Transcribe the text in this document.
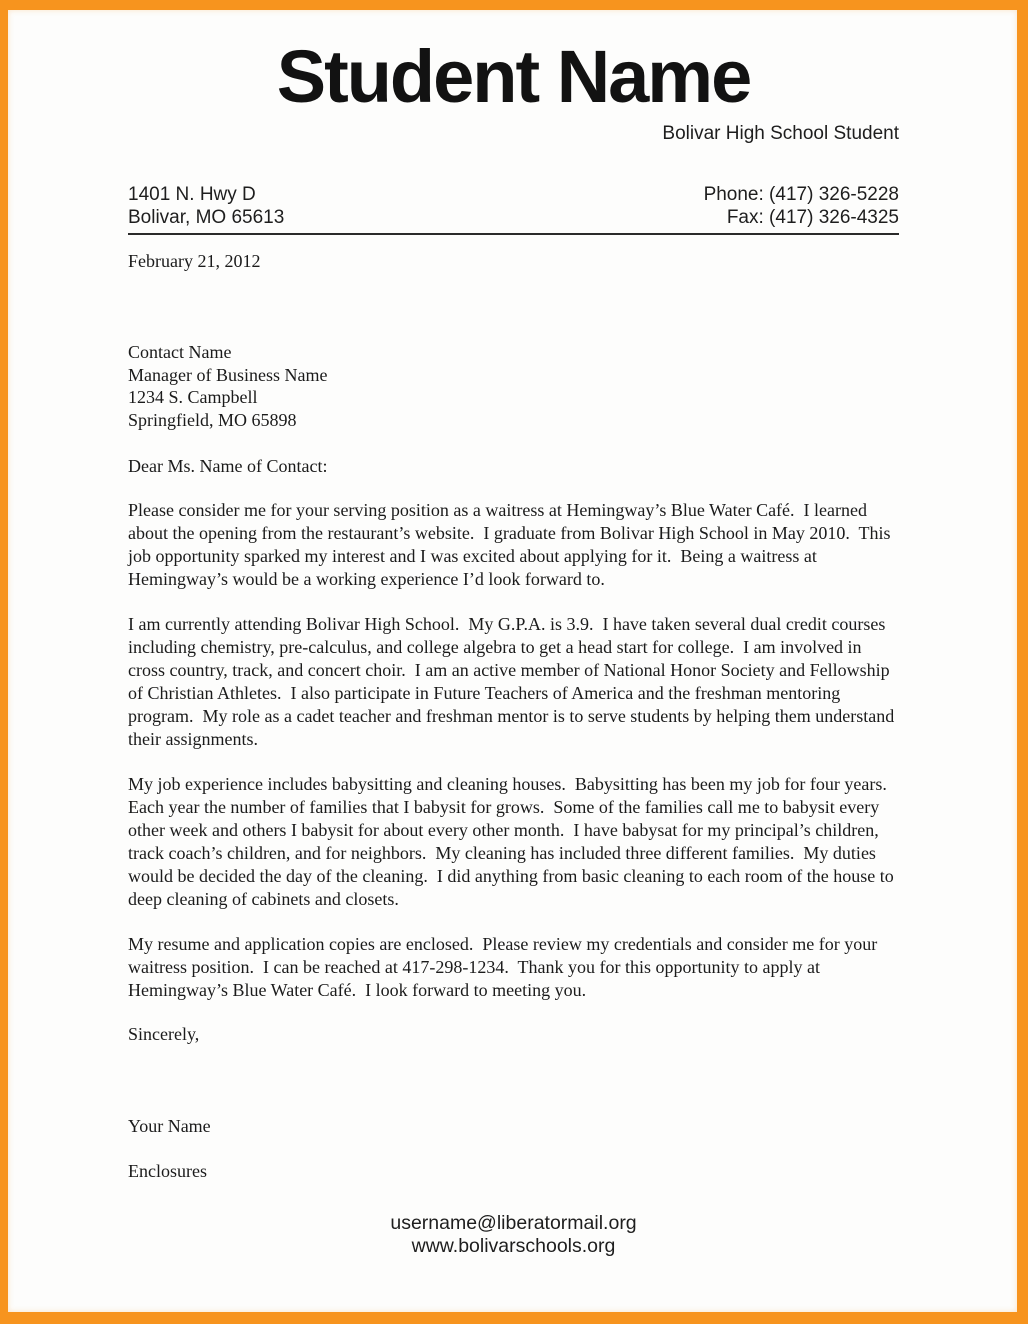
Student Name
Bolivar High School Student
1401 N. Hwy D
Bolivar, MO 65613
Phone: (417) 326-5228
Fax: (417) 326-4325
February 21, 2012
Contact Name
Manager of Business Name
1234 S. Campbell
Springfield, MO 65898
Dear Ms. Name of Contact:

Please consider me for your serving position as a waitress at Hemingway’s Blue Water Café.  I learned about the opening from the restaurant’s website.  I graduate from Bolivar High School in May 2010.  This job opportunity sparked my interest and I was excited about applying for it.  Being a waitress at Hemingway’s would be a working experience I’d look forward to.

I am currently attending Bolivar High School.  My G.P.A. is 3.9.  I have taken several dual credit courses including chemistry, pre-calculus, and college algebra to get a head start for college.  I am involved in cross country, track, and concert choir.  I am an active member of National Honor Society and Fellowship of Christian Athletes.  I also participate in Future Teachers of America and the freshman mentoring program.  My role as a cadet teacher and freshman mentor is to serve students by helping them understand their assignments.

My job experience includes babysitting and cleaning houses.  Babysitting has been my job for four years.  Each year the number of families that I babysit for grows.  Some of the families call me to babysit every other week and others I babysit for about every other month.  I have babysat for my principal’s children, track coach’s children, and for neighbors.  My cleaning has included three different families.  My duties would be decided the day of the cleaning.  I did anything from basic cleaning to each room of the house to deep cleaning of cabinets and closets.

My resume and application copies are enclosed.  Please review my credentials and consider me for your waitress position.  I can be reached at 417-298-1234.  Thank you for this opportunity to apply at Hemingway’s Blue Water Café.  I look forward to meeting you.

Sincerely,
Your Name
Enclosures
username@liberatormail.org
www.bolivarschools.org
